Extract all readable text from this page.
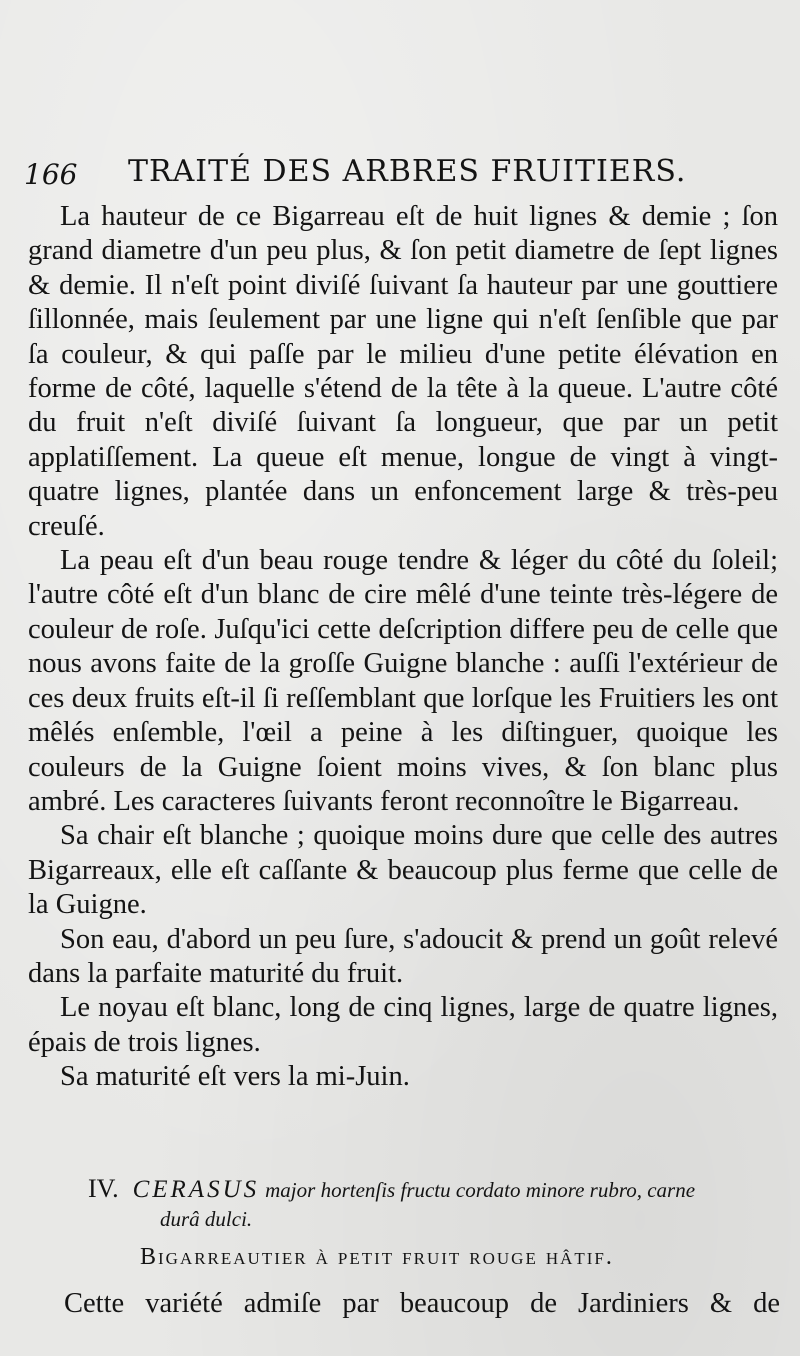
166 TRAITÉ DES ARBRES FRUITIERS.

La hauteur de ce Bigarreau eſt de huit lignes & demie ; ſon grand diametre d'un peu plus, & ſon petit diametre de ſept lignes & demie. Il n'eſt point diviſé ſuivant ſa hauteur par une gouttiere ſillonnée, mais ſeulement par une ligne qui n'eſt ſenſible que par ſa couleur, & qui paſſe par le milieu d'une petite élévation en forme de côté, laquelle s'étend de la tête à la queue. L'autre côté du fruit n'eſt diviſé ſuivant ſa longueur, que par un petit applatiſſement. La queue eſt menue, longue de vingt à vingt-quatre lignes, plantée dans un enfoncement large & très-peu creuſé.

La peau eſt d'un beau rouge tendre & léger du côté du ſoleil; l'autre côté eſt d'un blanc de cire mêlé d'une teinte très-légere de couleur de roſe. Juſqu'ici cette deſcription differe peu de celle que nous avons faite de la groſſe Guigne blanche : auſſi l'extérieur de ces deux fruits eſt-il ſi reſſemblant que lorſque les Fruitiers les ont mêlés enſemble, l'œil a peine à les diſtinguer, quoique les couleurs de la Guigne ſoient moins vives, & ſon blanc plus ambré. Les caracteres ſuivants feront reconnoître le Bigarreau.

Sa chair eſt blanche ; quoique moins dure que celle des autres Bigarreaux, elle eſt caſſante & beaucoup plus ferme que celle de la Guigne.

Son eau, d'abord un peu ſure, s'adoucit & prend un goût relevé dans la parfaite maturité du fruit.

Le noyau eſt blanc, long de cinq lignes, large de quatre lignes, épais de trois lignes.

Sa maturité eſt vers la mi-Juin.

IV. CERASUS major hortenſis fructu cordato minore rubro, carne
durâ dulci.
Bigarreautier à petit fruit rouge hâtif.
Cette variété admiſe par beaucoup de Jardiniers & de
